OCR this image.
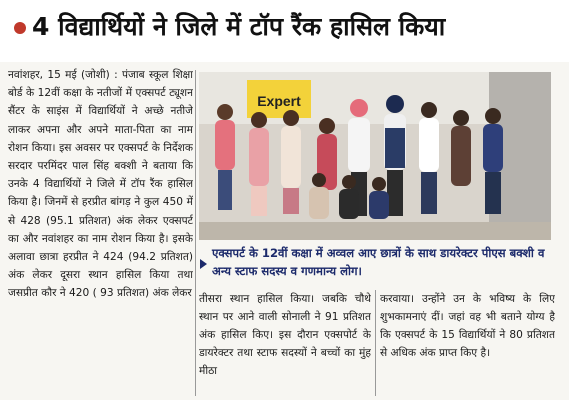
4 विद्यार्थियों ने जिले में टॉप रैंक हासिल किया
नवांशहर, 15 मई (जोशी) : पंजाब स्कूल शिक्षा बोर्ड के 12वीं कक्षा के नतीजों में एक्सपर्ट ट्यूशन सैंटर के साइंस में विद्यार्थियों ने अच्छे नतीजे लाकर अपना और अपने माता-पिता का नाम रोशन किया। इस अवसर पर एक्सपर्ट के निर्देशक सरदार परमिंदर पाल सिंह बक्शी ने बताया कि उनके 4 विद्यार्थियों ने जिले में टॉप रैंक हासिल किया है। जिनमें से हरप्रीत बांगड़ ने कुल 450 में से 428 (95.1 प्रतिशत) अंक लेकर एक्सपर्ट का और नवांशहर का नाम रोशन किया है। इसके अलावा छात्रा हरप्रीत ने 424 (94.2 प्रतिशत) अंक लेकर दूसरा स्थान हासिल किया तथा जसप्रीत कौर ने 420 ( 93 प्रतिशत) अंक लेकर
Expert
एक्सपर्ट के 12वीं कक्षा में अव्वल आए छात्रों के साथ डायरेक्टर पीएस बक्शी व अन्य स्टाफ सदस्य व गणमान्य लोग।
तीसरा स्थान हासिल किया। जबकि चौथे स्थान पर आने वाली सोनाली ने 91 प्रतिशत अंक हासिल किए। इस दौरान एक्सपोर्ट के डायरेक्टर तथा स्टाफ सदस्यों ने बच्चों का मुंह मीठा
करवाया। उन्होंने उन के भविष्य के लिए शुभकामनाएं दीं। जहां वह भी बताने योग्य है कि एक्सपर्ट के 15 विद्यार्थियों ने 80 प्रतिशत से अधिक अंक प्राप्त किए है।
